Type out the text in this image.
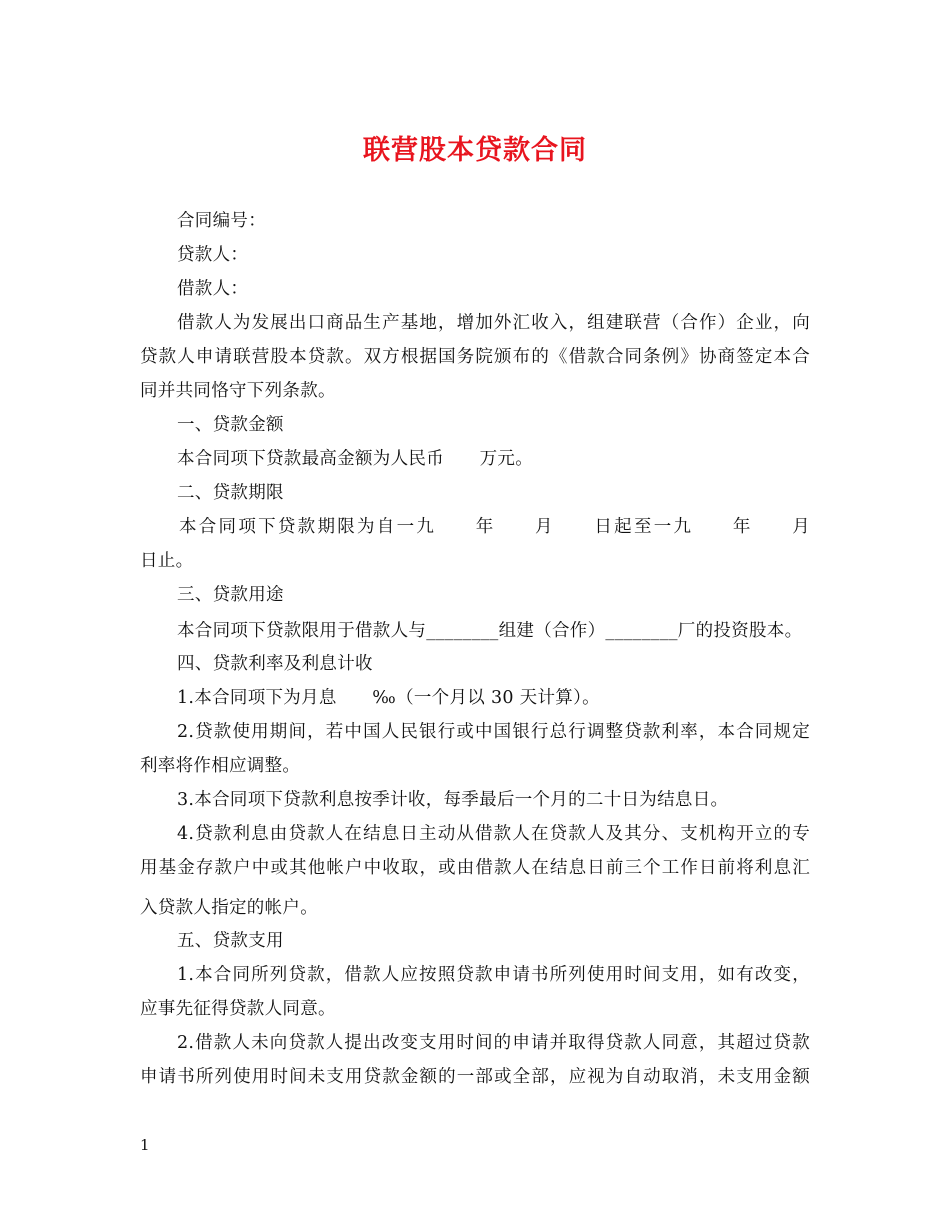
联营股本贷款合同
合同编号：
贷款人：
借款人：
借款人为发展出口商品生产基地，增加外汇收入，组建联营（合作）企业，向
贷款人申请联营股本贷款。双方根据国务院颁布的《借款合同条例》协商签定本合
同并共同恪守下列条款。
一、贷款金额
本合同项下贷款最高金额为人民币　　万元。
二、贷款期限
本合同项下贷款期限为自一九　　年　　月　　日起至一九　　年　　月
日止。
三、贷款用途
本合同项下贷款限用于借款人与________组建（合作）________厂的投资股本。
四、贷款利率及利息计收
1.本合同项下为月息　　‰（一个月以 30 天计算）。
2.贷款使用期间，若中国人民银行或中国银行总行调整贷款利率，本合同规定
利率将作相应调整。
3.本合同项下贷款利息按季计收，每季最后一个月的二十日为结息日。
4.贷款利息由贷款人在结息日主动从借款人在贷款人及其分、支机构开立的专
用基金存款户中或其他帐户中收取，或由借款人在结息日前三个工作日前将利息汇
入贷款人指定的帐户。
五、贷款支用
1.本合同所列贷款，借款人应按照贷款申请书所列使用时间支用，如有改变，
应事先征得贷款人同意。
2.借款人未向贷款人提出改变支用时间的申请并取得贷款人同意，其超过贷款
申请书所列使用时间未支用贷款金额的一部或全部，应视为自动取消，未支用金额
1
